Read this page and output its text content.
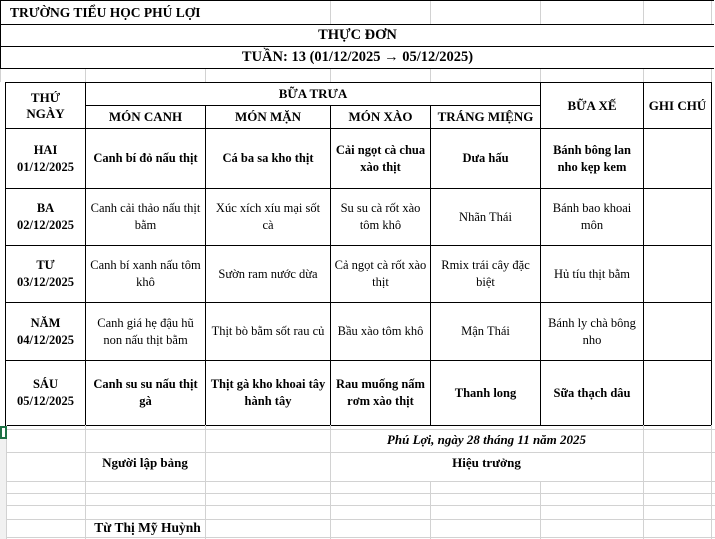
TRƯỜNG TIỂU HỌC PHÚ LỢI
THỰC ĐƠN
TUẦN: 13 (01/12/2025 → 05/12/2025)
THỨ
NGÀY	BỮA TRƯA				BỮA XẾ	GHI CHÚ
	MÓN CANH	MÓN MẶN	MÓN XÀO	TRÁNG MIỆNG		

HAI
01/12/2025	Canh bí đỏ nấu thịt	Cá ba sa kho thịt	Cải ngọt cà chua xào thịt	Dưa hấu	Bánh bông lan nho kẹp kem	

BA
02/12/2025	Canh cải thảo nấu thịt bằm	Xúc xích xíu mại sốt cà	Su su cà rốt xào tôm khô	Nhãn Thái	Bánh bao khoai môn	

TƯ
03/12/2025	Canh bí xanh nấu tôm khô	Sườn ram nước dừa	Cả ngọt cà rốt xào thịt	Rmix trái cây đặc biệt	Hủ tíu thịt bằm	

NĂM
04/12/2025	Canh giá hẹ đậu hũ non nấu thịt bằm	Thịt bò bằm sốt rau củ	Bầu xào tôm khô	Mận Thái	Bánh ly chà bông nho	

SÁU
05/12/2025	Canh su su nấu thịt gà	Thịt gà kho khoai tây hành tây	Rau muống nấm rơm xào thịt	Thanh long	Sữa thạch dâu	
Phú Lợi, ngày 28 tháng 11 năm 2025
Người lập bảng	Hiệu trưởng
Từ Thị Mỹ Huỳnh
